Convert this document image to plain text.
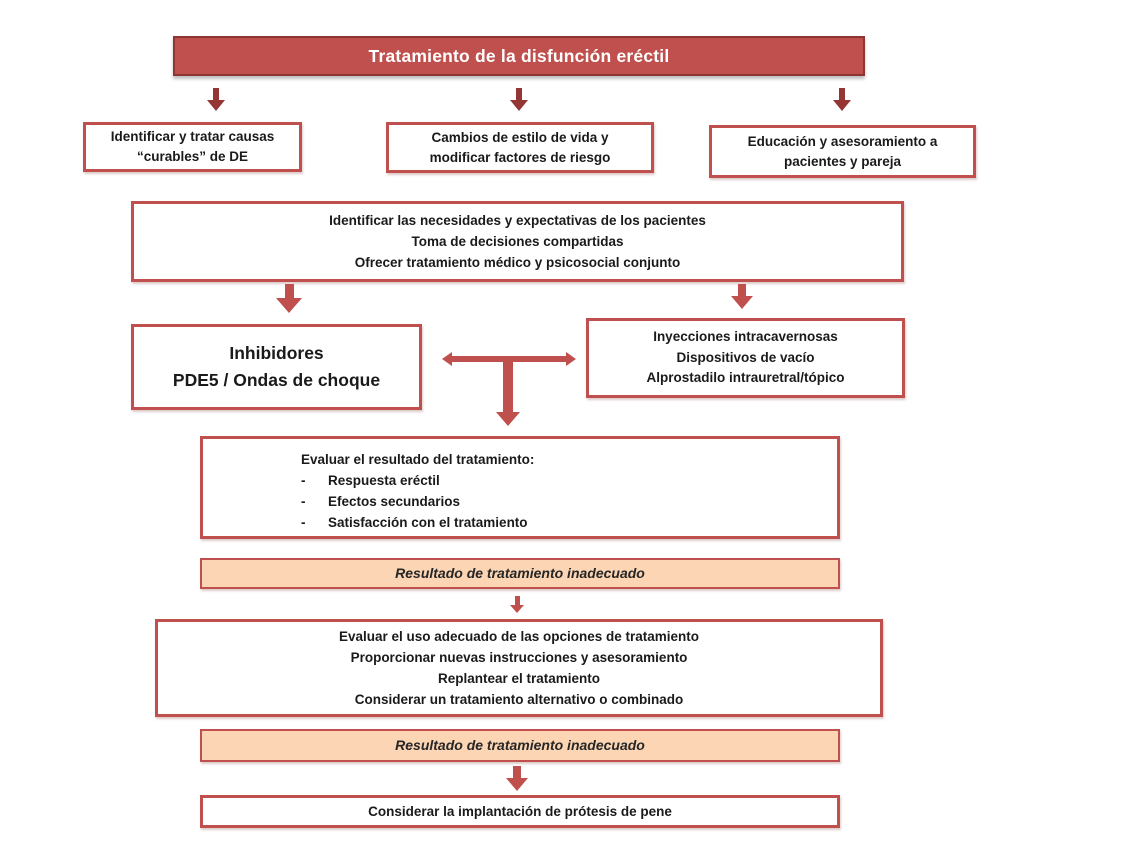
Tratamiento de la disfunción eréctil
Identificar y tratar causas
“curables” de DE
Cambios de estilo de vida y
modificar factores de riesgo
Educación y asesoramiento a
pacientes y pareja
Identificar las necesidades y expectativas de los pacientes
Toma de decisiones compartidas
Ofrecer tratamiento médico y psicosocial conjunto
Inhibidores
PDE5 / Ondas de choque
Inyecciones intracavernosas
Dispositivos de vacío
Alprostadilo intrauretral/tópico
Evaluar el resultado del tratamiento:
-	Respuesta eréctil
-	Efectos secundarios
-	Satisfacción con el tratamiento
Resultado de tratamiento inadecuado
Evaluar el uso adecuado de las opciones de tratamiento
Proporcionar nuevas instrucciones y asesoramiento
Replantear el tratamiento
Considerar un tratamiento alternativo o combinado
Resultado de tratamiento inadecuado
Considerar la implantación de prótesis de pene
